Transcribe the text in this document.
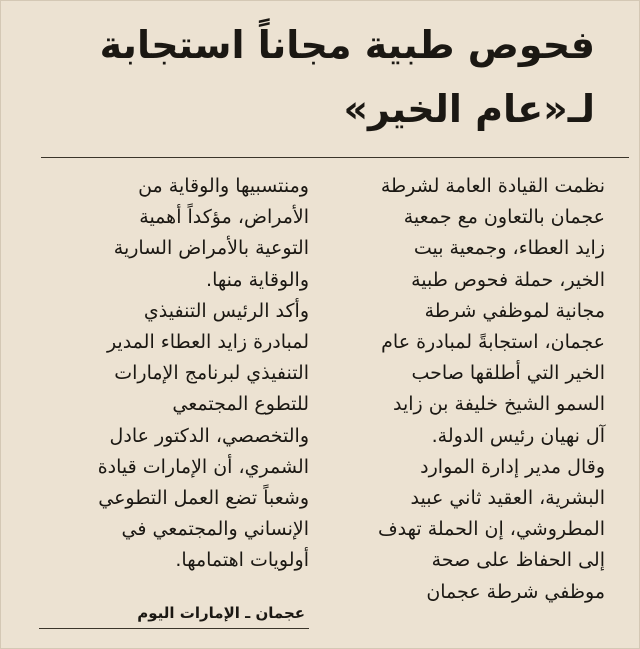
فحوص طبية مجاناً استجابة
لـ«عام الخير»
نظمت القيادة العامة لشرطة
عجمان بالتعاون مع جمعية
زايد العطاء، وجمعية بيت
الخير، حملة فحوص طبية
مجانية لموظفي شرطة
عجمان، استجابةً لمبادرة عام
الخير التي أطلقها صاحب
السمو الشيخ خليفة بن زايد
آل نهيان رئيس الدولة.
وقال مدير إدارة الموارد
البشرية، العقيد ثاني عبيد
المطروشي، إن الحملة تهدف
إلى الحفاظ على صحة
موظفي شرطة عجمان
ومنتسبيها والوقاية من
الأمراض، مؤكداً أهمية
التوعية بالأمراض السارية
والوقاية منها.
وأكد الرئيس التنفيذي
لمبادرة زايد العطاء المدير
التنفيذي لبرنامج الإمارات
للتطوع المجتمعي
والتخصصي، الدكتور عادل
الشمري، أن الإمارات قيادة
وشعباً تضع العمل التطوعي
الإنساني والمجتمعي في
أولويات اهتمامها.
عجمان ـ الإمارات اليوم
